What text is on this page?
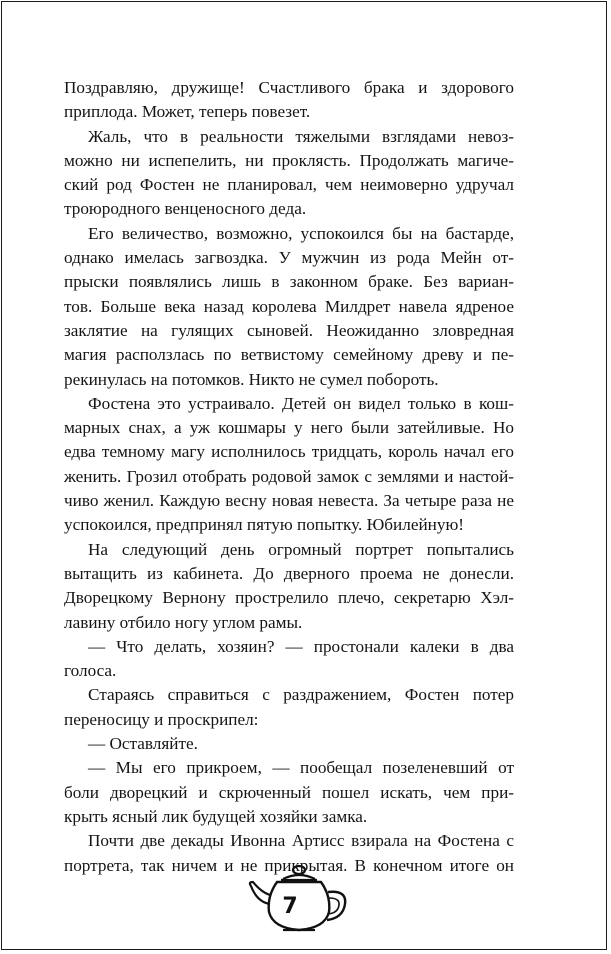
Поздравляю, дружище! Счастливого брака и здорового
приплода. Может, теперь повезет.
Жаль, что в реальности тяжелыми взглядами невоз-
можно ни испепелить, ни проклясть. Продолжать магиче-
ский род Фостен не планировал, чем неимоверно удручал
троюродного венценосного деда.
Его величество, возможно, успокоился бы на бастарде,
однако имелась загвоздка. У мужчин из рода Мейн от-
прыски появлялись лишь в законном браке. Без вариан-
тов. Больше века назад королева Милдрет навела ядреное
заклятие на гулящих сыновей. Неожиданно зловредная
магия расползлась по ветвистому семейному древу и пе-
рекинулась на потомков. Никто не сумел побороть.
Фостена это устраивало. Детей он видел только в кош-
марных снах, а уж кошмары у него были затейливые. Но
едва темному магу исполнилось тридцать, король начал его
женить. Грозил отобрать родовой замок с землями и настой-
чиво женил. Каждую весну новая невеста. За четыре раза не
успокоился, предпринял пятую попытку. Юбилейную!
На следующий день огромный портрет попытались
вытащить из кабинета. До дверного проема не донесли.
Дворецкому Вернону прострелило плечо, секретарю Хэл-
лавину отбило ногу углом рамы.
— Что делать, хозяин? — простонали калеки в два
голоса.
Стараясь справиться с раздражением, Фостен потер
переносицу и проскрипел:
— Оставляйте.
— Мы его прикроем, — пообещал позеленевший от
боли дворецкий и скрюченный пошел искать, чем при-
крыть ясный лик будущей хозяйки замка.
Почти две декады Ивонна Артисс взирала на Фостена с
портрета, так ничем и не прикрытая. В конечном итоге он
7
